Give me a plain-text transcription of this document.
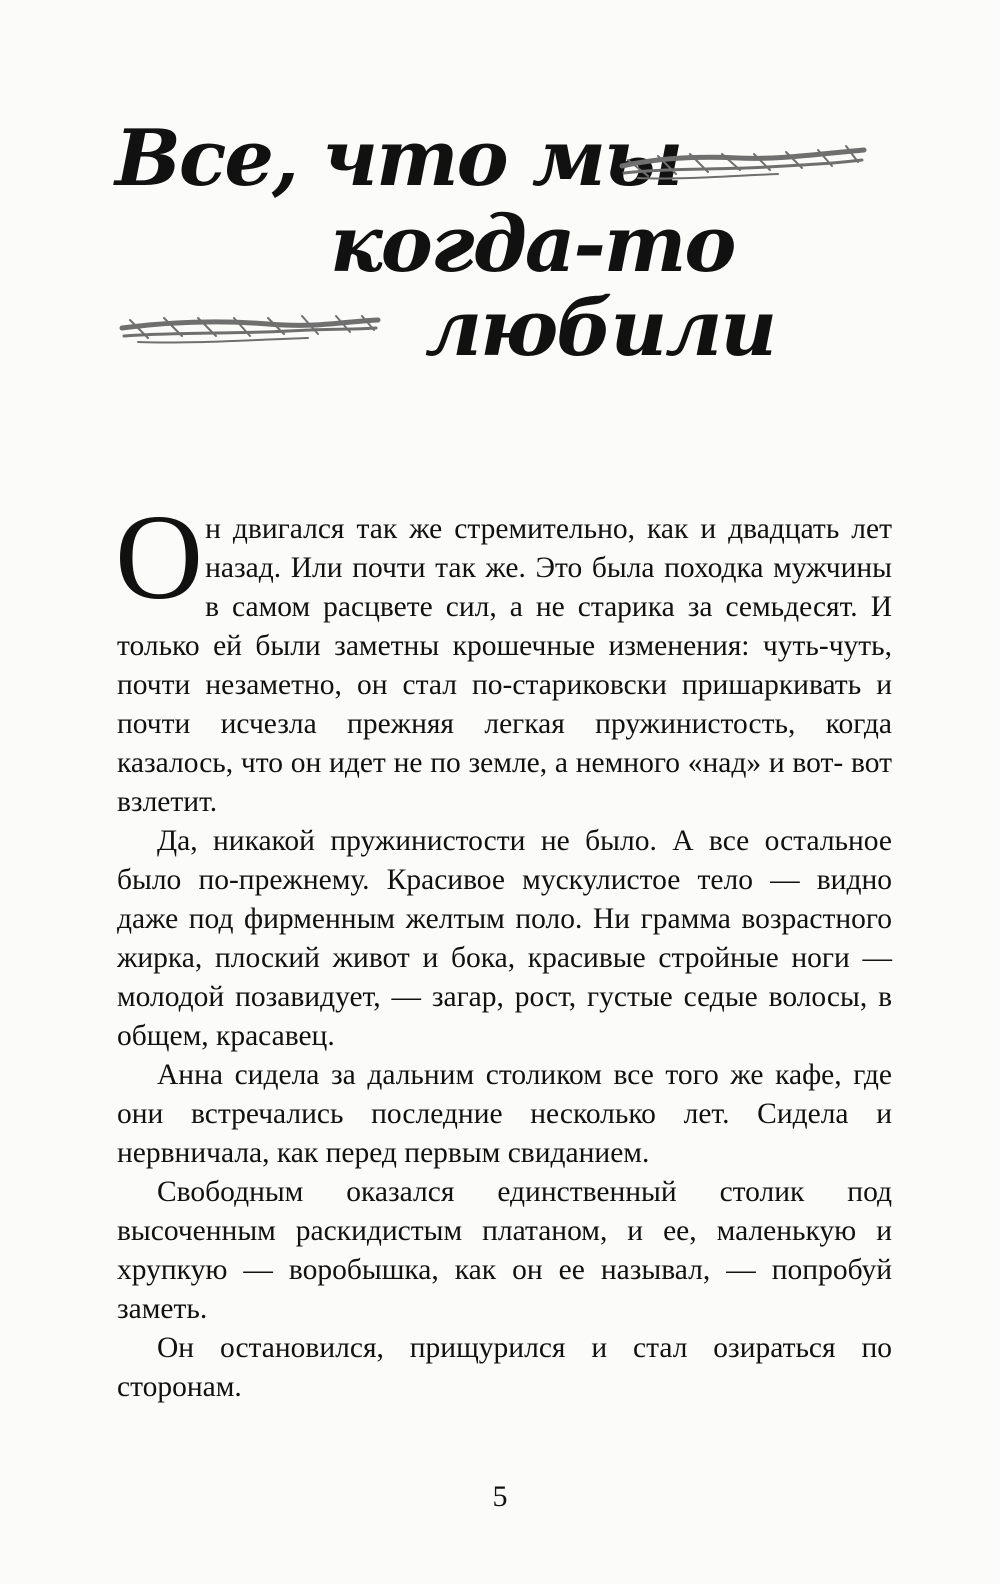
Все, что мы
когда-то
любили

Он двигался так же стремительно, как и двадцать лет назад. Или почти так же. Это была походка мужчины в самом расцвете сил, а не старика за семьдесят. И только ей были заметны крошечные изменения: чуть-чуть, почти незаметно, он стал по-стариковски пришаркивать и почти исчезла прежняя легкая пружинистость, когда казалось, что он идет не по земле, а немного «над» и вот- вот взлетит.

Да, никакой пружинистости не было. А все остальное было по-прежнему. Красивое мускулистое тело — видно даже под фирменным желтым поло. Ни грамма возрастного жирка, плоский живот и бока, красивые стройные ноги — молодой позавидует, — загар, рост, густые седые волосы, в общем, красавец.

Анна сидела за дальним столиком все того же кафе, где они встречались последние несколько лет. Сидела и нервничала, как перед первым свиданием.

Свободным оказался единственный столик под высоченным раскидистым платаном, и ее, маленькую и хрупкую — воробышка, как он ее называл, — попробуй заметь.

Он остановился, прищурился и стал озираться по сторонам.

5
